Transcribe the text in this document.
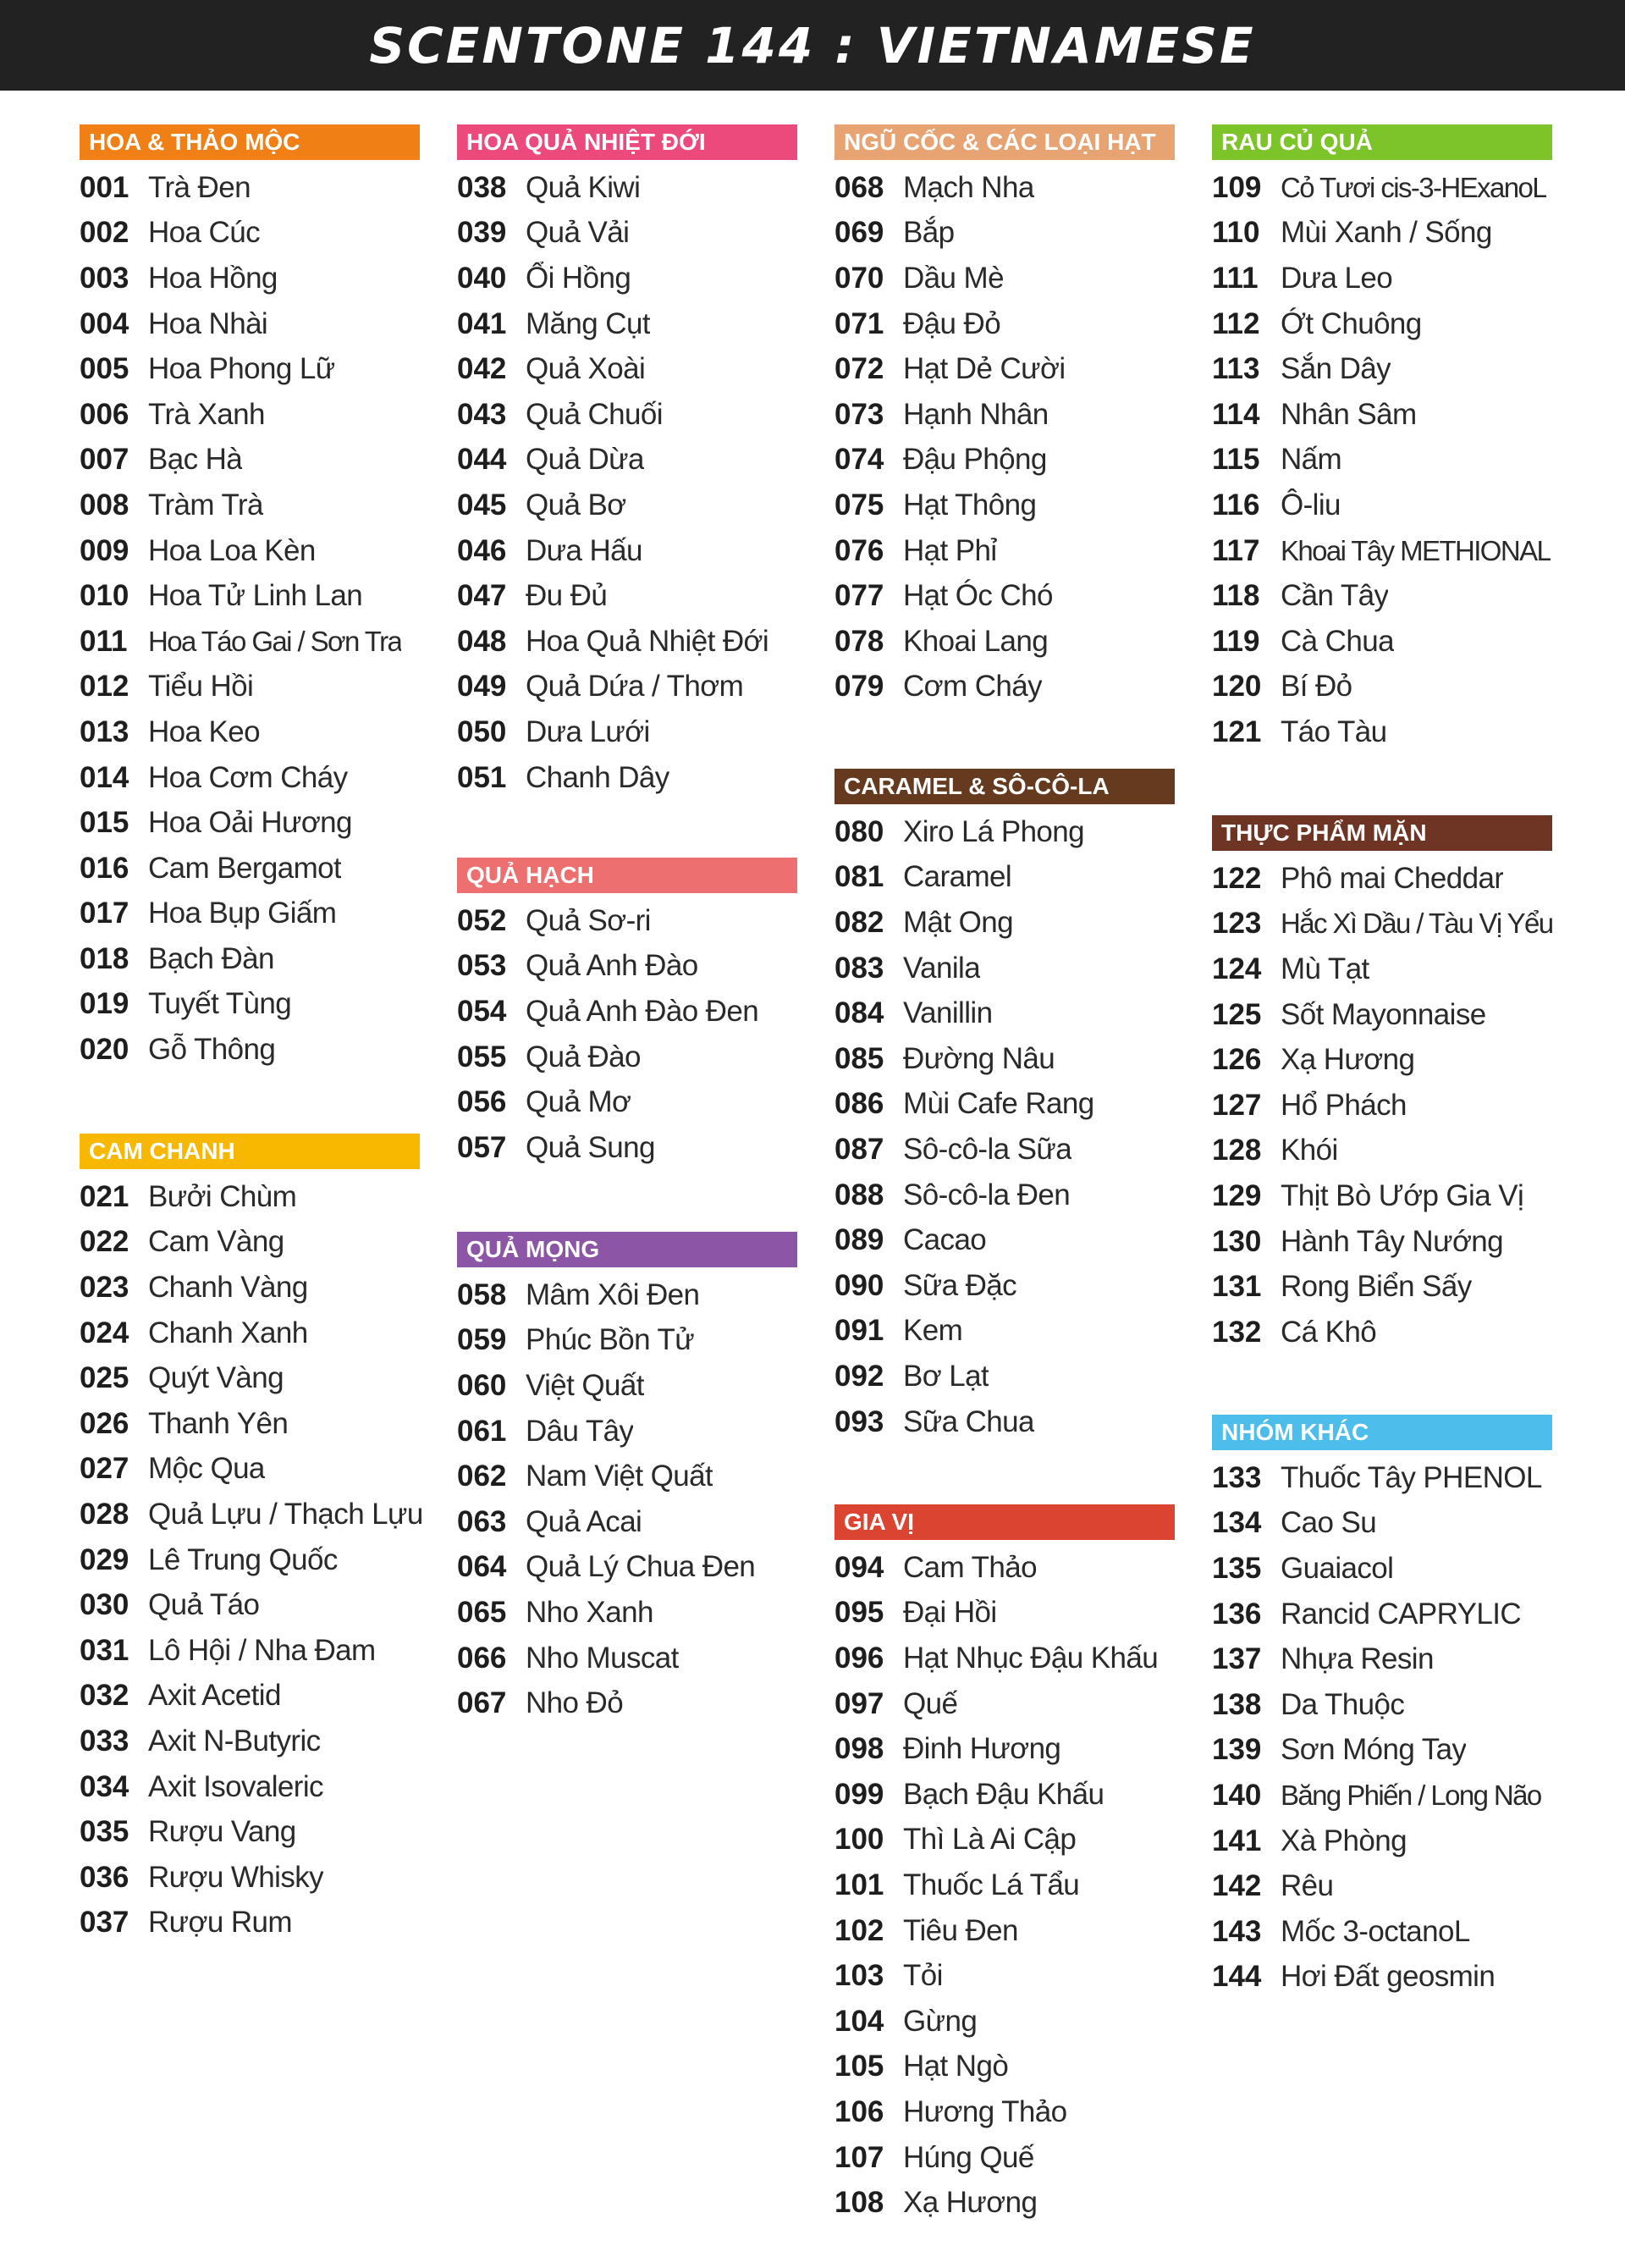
SCENTONE 144 : VIETNAMESE
HOA & THẢO MỘC
001 Trà Đen
002 Hoa Cúc
003 Hoa Hồng
004 Hoa Nhài
005 Hoa Phong Lữ
006 Trà Xanh
007 Bạc Hà
008 Tràm Trà
009 Hoa Loa Kèn
010 Hoa Tử Linh Lan
011 Hoa Táo Gai / Sơn Tra
012 Tiểu Hồi
013 Hoa Keo
014 Hoa Cơm Cháy
015 Hoa Oải Hương
016 Cam Bergamot
017 Hoa Bụp Giấm
018 Bạch Đàn
019 Tuyết Tùng
020 Gỗ Thông
CAM CHANH
021 Bưởi Chùm
022 Cam Vàng
023 Chanh Vàng
024 Chanh Xanh
025 Quýt Vàng
026 Thanh Yên
027 Mộc Qua
028 Quả Lựu / Thạch Lựu
029 Lê Trung Quốc
030 Quả Táo
031 Lô Hội / Nha Đam
032 Axit Acetid
033 Axit N-Butyric
034 Axit Isovaleric
035 Rượu Vang
036 Rượu Whisky
037 Rượu Rum
HOA QUẢ NHIỆT ĐỚI
038 Quả Kiwi
039 Quả Vải
040 Ổi Hồng
041 Măng Cụt
042 Quả Xoài
043 Quả Chuối
044 Quả Dừa
045 Quả Bơ
046 Dưa Hấu
047 Đu Đủ
048 Hoa Quả Nhiệt Đới
049 Quả Dứa / Thơm
050 Dưa Lưới
051 Chanh Dây
QUẢ HẠCH
052 Quả Sơ-ri
053 Quả Anh Đào
054 Quả Anh Đào Đen
055 Quả Đào
056 Quả Mơ
057 Quả Sung
QUẢ MỌNG
058 Mâm Xôi Đen
059 Phúc Bồn Tử
060 Việt Quất
061 Dâu Tây
062 Nam Việt Quất
063 Quả Acai
064 Quả Lý Chua Đen
065 Nho Xanh
066 Nho Muscat
067 Nho Đỏ
NGŨ CỐC & CÁC LOẠI HẠT
068 Mạch Nha
069 Bắp
070 Dầu Mè
071 Đậu Đỏ
072 Hạt Dẻ Cười
073 Hạnh Nhân
074 Đậu Phộng
075 Hạt Thông
076 Hạt Phỉ
077 Hạt Óc Chó
078 Khoai Lang
079 Cơm Cháy
CARAMEL & SÔ-CÔ-LA
080 Xiro Lá Phong
081 Caramel
082 Mật Ong
083 Vanila
084 Vanillin
085 Đường Nâu
086 Mùi Cafe Rang
087 Sô-cô-la Sữa
088 Sô-cô-la Đen
089 Cacao
090 Sữa Đặc
091 Kem
092 Bơ Lạt
093 Sữa Chua
GIA VỊ
094 Cam Thảo
095 Đại Hồi
096 Hạt Nhục Đậu Khấu
097 Quế
098 Đinh Hương
099 Bạch Đậu Khấu
100 Thì Là Ai Cập
101 Thuốc Lá Tẩu
102 Tiêu Đen
103 Tỏi
104 Gừng
105 Hạt Ngò
106 Hương Thảo
107 Húng Quế
108 Xạ Hương
RAU CỦ QUẢ
109 Cỏ Tươi cis-3-HExanoL
110 Mùi Xanh / Sống
111 Dưa Leo
112 Ớt Chuông
113 Sắn Dây
114 Nhân Sâm
115 Nấm
116 Ô-liu
117 Khoai Tây METHIONAL
118 Cần Tây
119 Cà Chua
120 Bí Đỏ
121 Táo Tàu
THỰC PHẨM MẶN
122 Phô mai Cheddar
123 Hắc Xì Dầu / Tàu Vị Yểu
124 Mù Tạt
125 Sốt Mayonnaise
126 Xạ Hương
127 Hổ Phách
128 Khói
129 Thịt Bò Ướp Gia Vị
130 Hành Tây Nướng
131 Rong Biển Sấy
132 Cá Khô
NHÓM KHÁC
133 Thuốc Tây PHENOL
134 Cao Su
135 Guaiacol
136 Rancid CAPRYLIC
137 Nhựa Resin
138 Da Thuộc
139 Sơn Móng Tay
140 Băng Phiến / Long Não
141 Xà Phòng
142 Rêu
143 Mốc 3-octanoL
144 Hơi Đất geosmin
